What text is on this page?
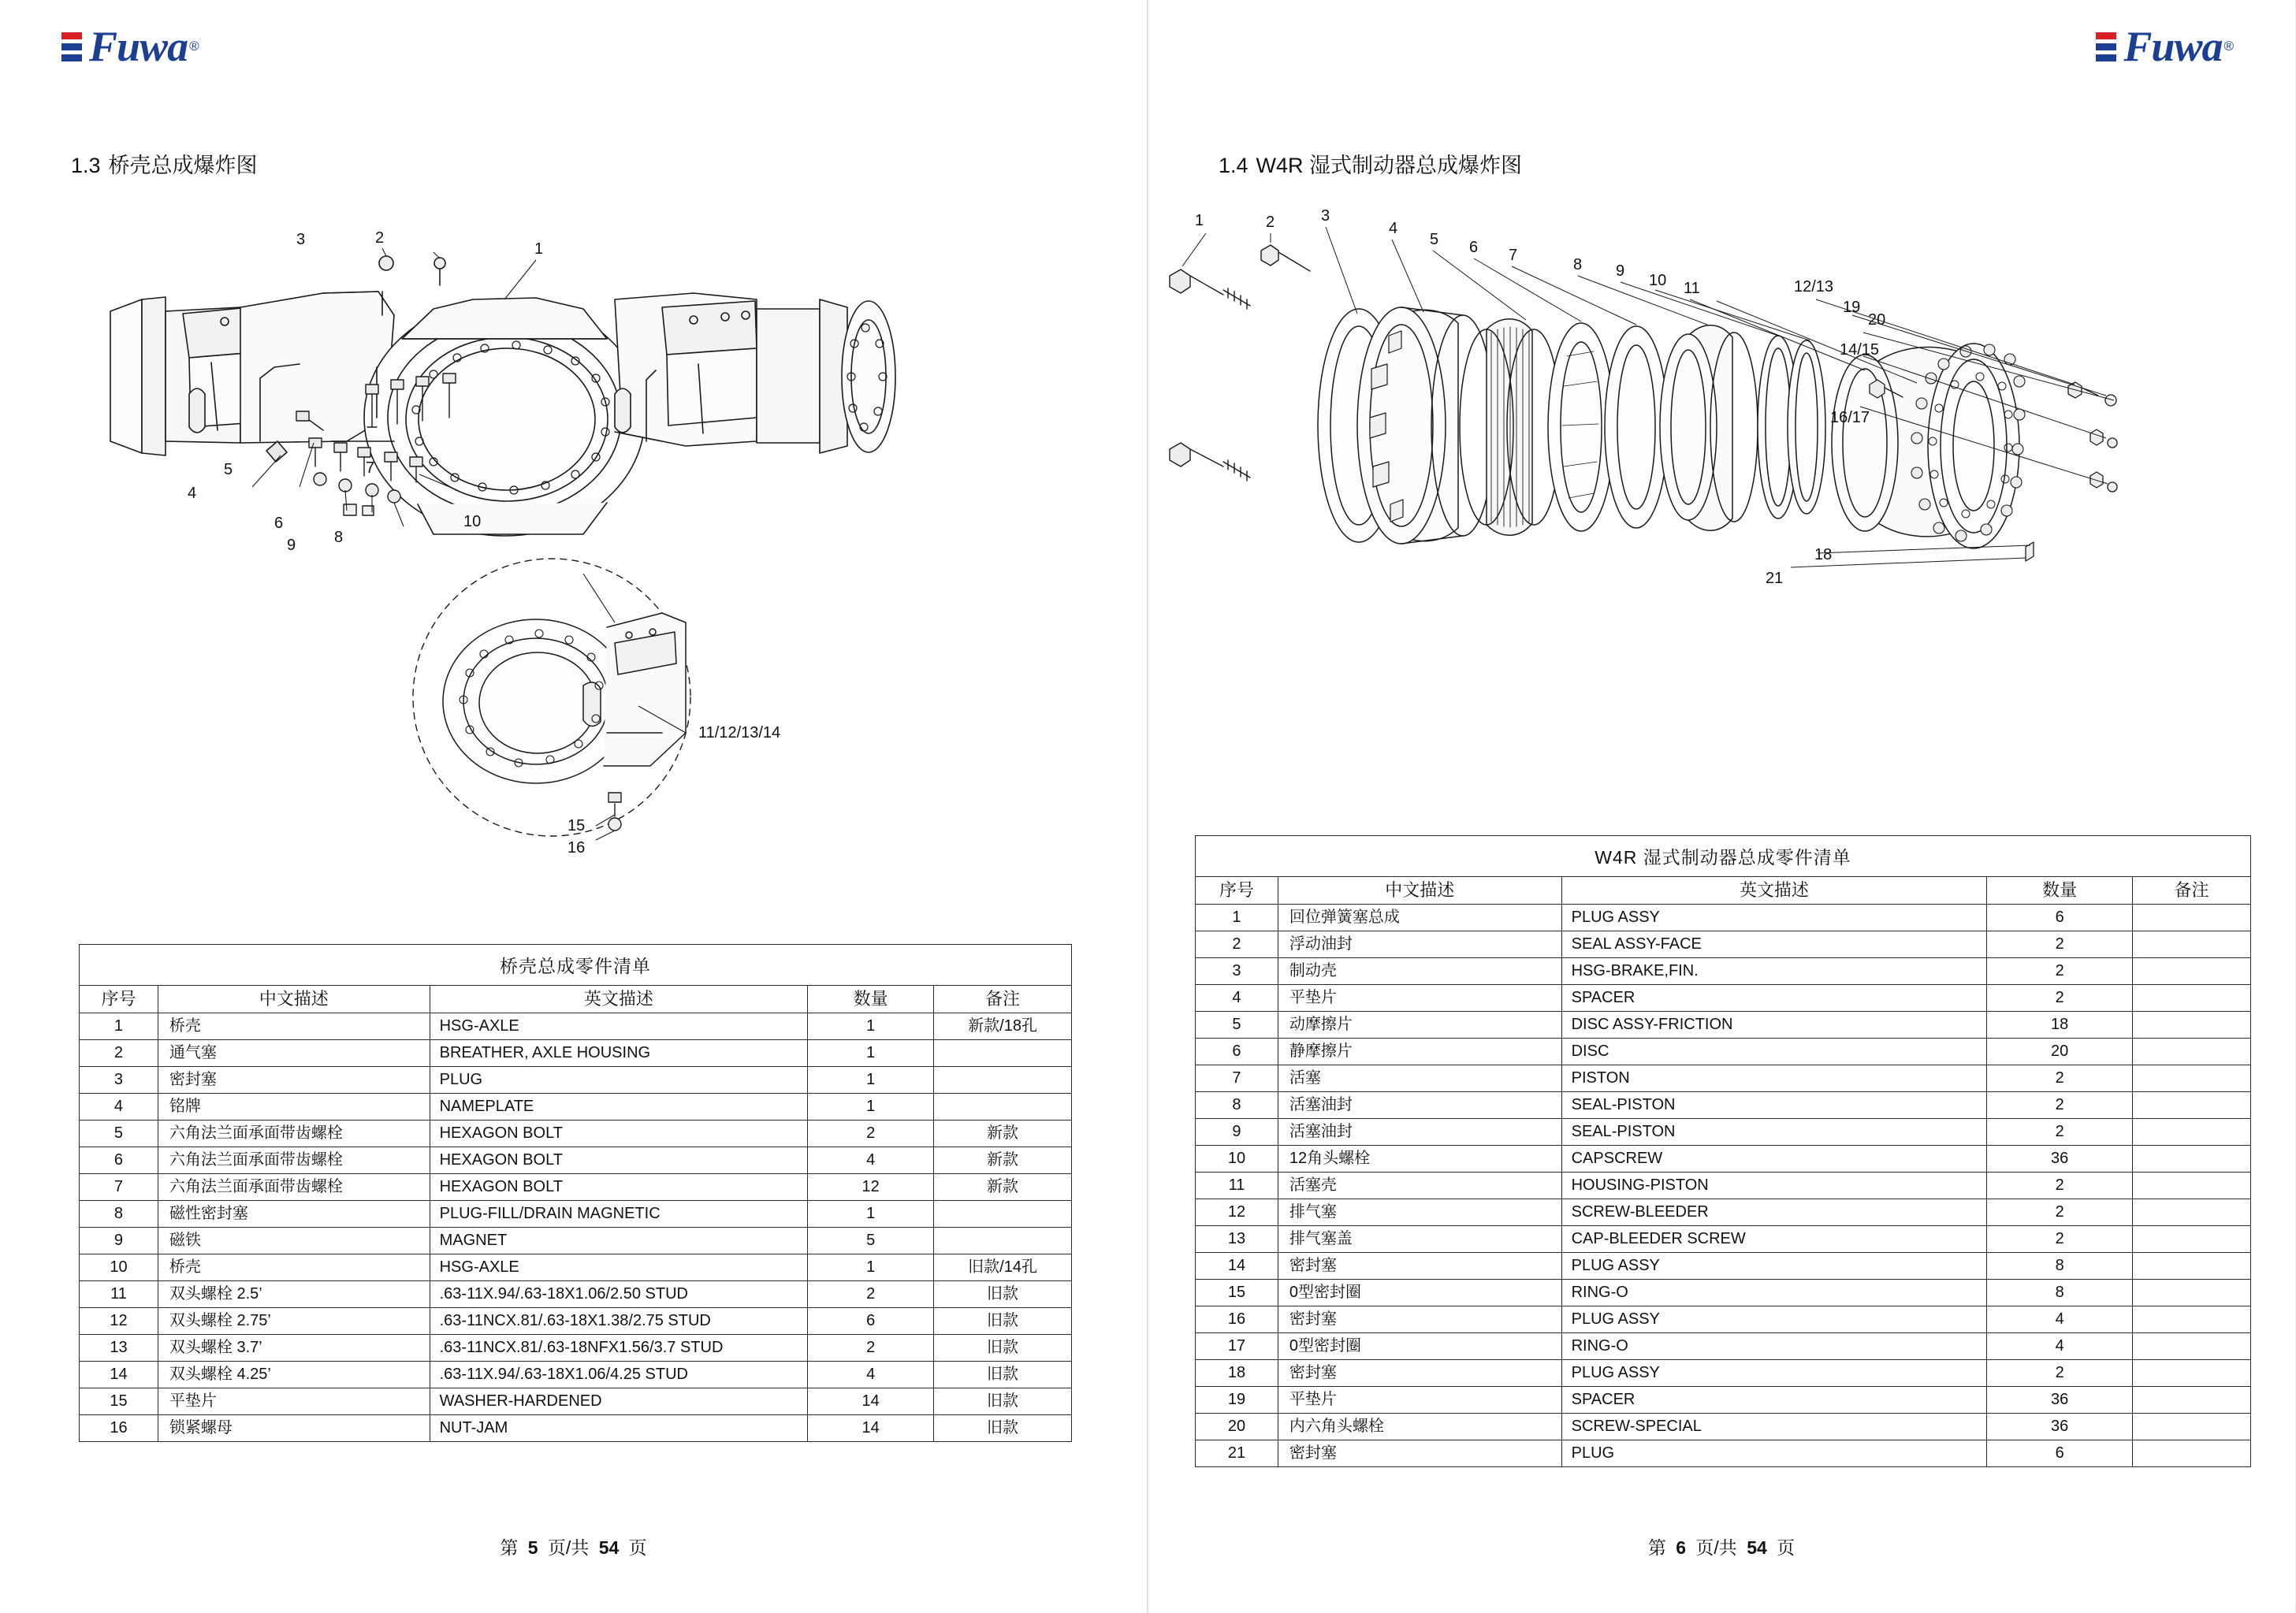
Fuwa ®
1.3 桥壳总成爆炸图
3	2
1
4
5
6
7
8
9
10
11/12/13/14
15
16
桥壳总成零件清单
序号	中文描述	英文描述	数量	备注
1	桥壳	HSG-AXLE	1	新款/18孔
2	通气塞	BREATHER, AXLE HOUSING	1	
3	密封塞	PLUG	1	
4	铭牌	NAMEPLATE	1	
5	六角法兰面承面带齿螺栓	HEXAGON BOLT	2	新款
6	六角法兰面承面带齿螺栓	HEXAGON BOLT	4	新款
7	六角法兰面承面带齿螺栓	HEXAGON BOLT	12	新款
8	磁性密封塞	PLUG-FILL/DRAIN MAGNETIC	1	
9	磁铁	MAGNET	5	
10	桥壳	HSG-AXLE	1	旧款/14孔
11	双头螺栓 2.5’	.63-11X.94/.63-18X1.06/2.50 STUD	2	旧款
12	双头螺栓 2.75’	.63-11NCX.81/.63-18X1.38/2.75 STUD	6	旧款
13	双头螺栓 3.7’	.63-11NCX.81/.63-18NFX1.56/3.7 STUD	2	旧款
14	双头螺栓 4.25’	.63-11X.94/.63-18X1.06/4.25 STUD	4	旧款
15	平垫片	WASHER-HARDENED	14	旧款
16	锁紧螺母	NUT-JAM	14	旧款
第 5 页/共 54 页
Fuwa ®
1.4 W4R 湿式制动器总成爆炸图
1	2	3
4
5 6 7
8 9
10 11	12/13
19
20
14/15
16/17
18
21
W4R 湿式制动器总成零件清单
序号	中文描述	英文描述	数量	备注
1	回位弹簧塞总成	PLUG ASSY	6	
2	浮动油封	SEAL ASSY-FACE	2	
3	制动壳	HSG-BRAKE,FIN.	2	
4	平垫片	SPACER	2	
5	动摩擦片	DISC ASSY-FRICTION	18	
6	静摩擦片	DISC	20	
7	活塞	PISTON	2	
8	活塞油封	SEAL-PISTON	2	
9	活塞油封	SEAL-PISTON	2	
10	12角头螺栓	CAPSCREW	36	
11	活塞壳	HOUSING-PISTON	2	
12	排气塞	SCREW-BLEEDER	2	
13	排气塞盖	CAP-BLEEDER SCREW	2	
14	密封塞	PLUG ASSY	8	
15	0型密封圈	RING-O	8	
16	密封塞	PLUG ASSY	4	
17	0型密封圈	RING-O	4	
18	密封塞	PLUG ASSY	2	
19	平垫片	SPACER	36	
20	内六角头螺栓	SCREW-SPECIAL	36	
21	密封塞	PLUG	6	
第 6 页/共 54 页
